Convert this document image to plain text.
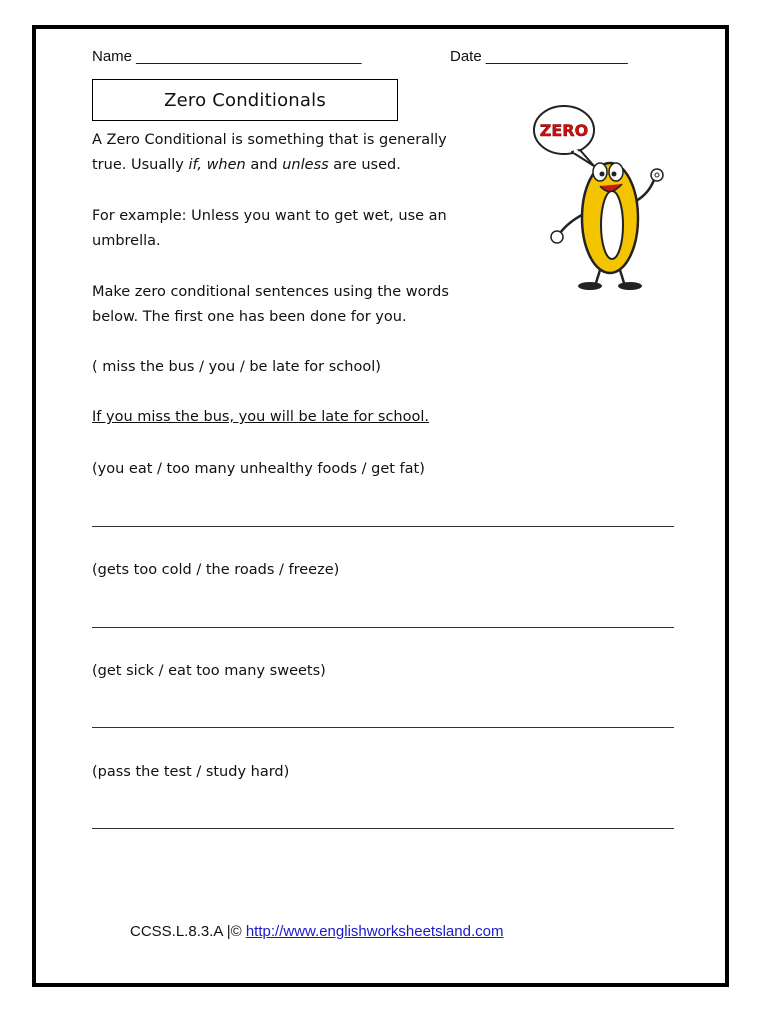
Name ___________________________	Date _________________
Zero Conditionals
ZERO
A Zero Conditional is something that is generally
true. Usually if, when and unless are used.
For example: Unless you want to get wet, use an
umbrella.
Make zero conditional sentences using the words
below. The first one has been done for you.
( miss the bus / you / be late for school)
If you miss the bus, you will be late for school.
(you eat / too many unhealthy foods / get fat)
(gets too cold / the roads / freeze)
(get sick / eat too many sweets)
(pass the test / study hard)
CCSS.L.8.3.A |© http://www.englishworksheetsland.com
